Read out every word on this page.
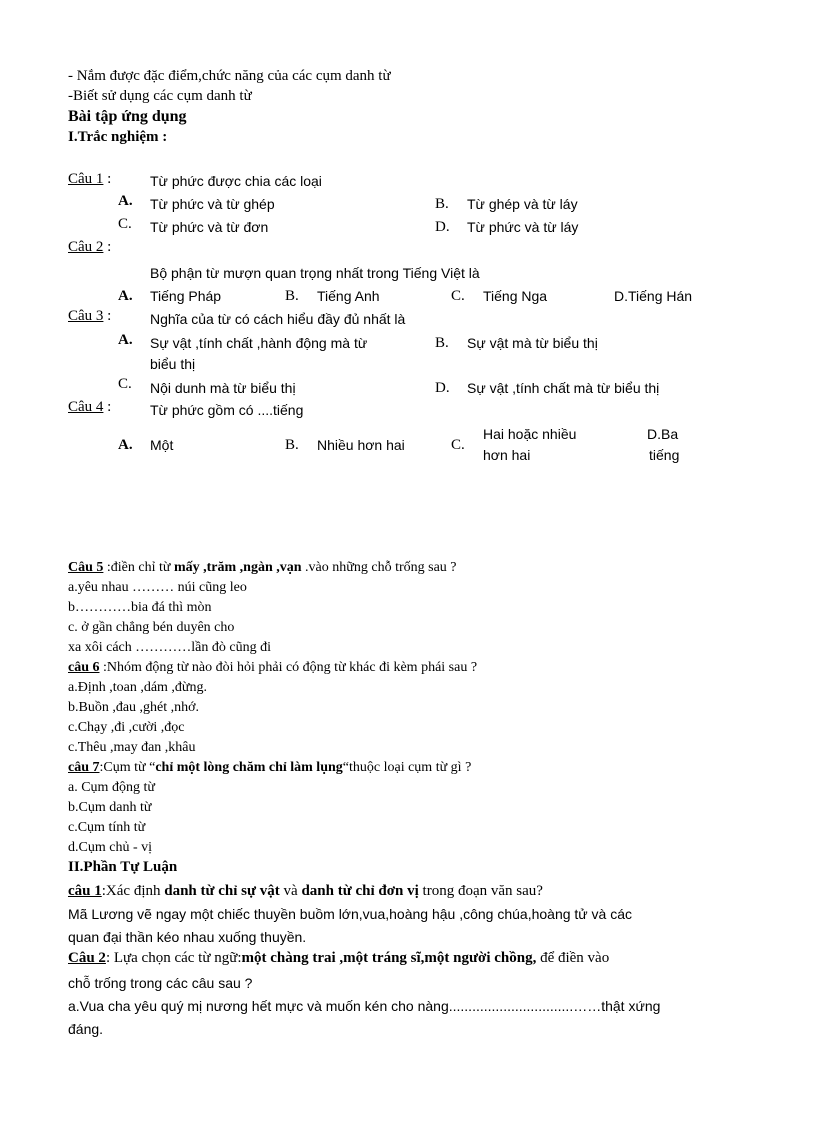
- Nắm được đặc điểm,chức năng của các cụm danh từ
-Biết sử dụng các cụm danh từ
Bài tập ứng dụng
I.Trắc nghiệm :
Câu 1 :	Từ phức được chia các loại
A. Từ phức và từ ghép	B. Từ ghép và từ láy
C. Từ phức và từ đơn	D. Từ phức và từ láy
Câu 2 :
Bộ phận từ mượn quan trọng nhất trong Tiếng Việt là
A. Tiếng Pháp	B. Tiếng Anh	C. Tiếng Nga	D.Tiếng Hán
Câu 3 :	Nghĩa của từ có cách hiểu đầy đủ nhất là
A. Sự vật ,tính chất ,hành động mà từ
biểu thị
B. Sự vật mà từ biểu thị
C. Nội dunh mà từ biểu thị	D. Sự vật ,tính chất mà từ biểu thị
Câu 4 :	Từ phức gồm có ....tiếng
A. Một	B. Nhiều hơn hai	C.
Hai hoặc nhiều
hơn hai
D.Ba
tiếng
Câu 5 :điền chỉ từ mấy ,trăm ,ngàn ,vạn .vào những chỗ trống sau ?
a.yêu nhau ……… núi cũng leo
b…………bia đá thì mòn
c. ở gần chẳng bén duyên cho
xa xôi cách …………lần đò cũng đi
câu 6 :Nhóm động từ nào đòi hỏi phải có động từ khác đi kèm phái sau ?
a.Định ,toan ,dám ,đừng.
b.Buồn ,đau ,ghét ,nhớ.
c.Chạy ,đi ,cười ,đọc
c.Thêu ,may đan ,khâu
câu 7:Cụm từ “chỉ một lòng chăm chỉ làm lụng“thuộc loại cụm từ gì ?
a. Cụm động từ
b.Cụm danh từ
c.Cụm tính từ
d.Cụm chủ - vị
II.Phần Tự Luận
câu 1:Xác định danh từ chỉ sự vật và danh từ chỉ đơn vị trong đoạn văn sau?
Mã Lương vẽ ngay một chiếc thuyền buồm lớn,vua,hoàng hậu ,công chúa,hoàng tử và các
quan đại thần kéo nhau xuống thuyền.
Câu 2: Lựa chọn các từ ngữ:một chàng trai ,một tráng sĩ,một người chồng, để điền vào
chỗ trống trong các câu sau ?
a.Vua cha yêu quý mị nương hết mực và muốn kén cho nàng................................……thật xứng
đáng.
